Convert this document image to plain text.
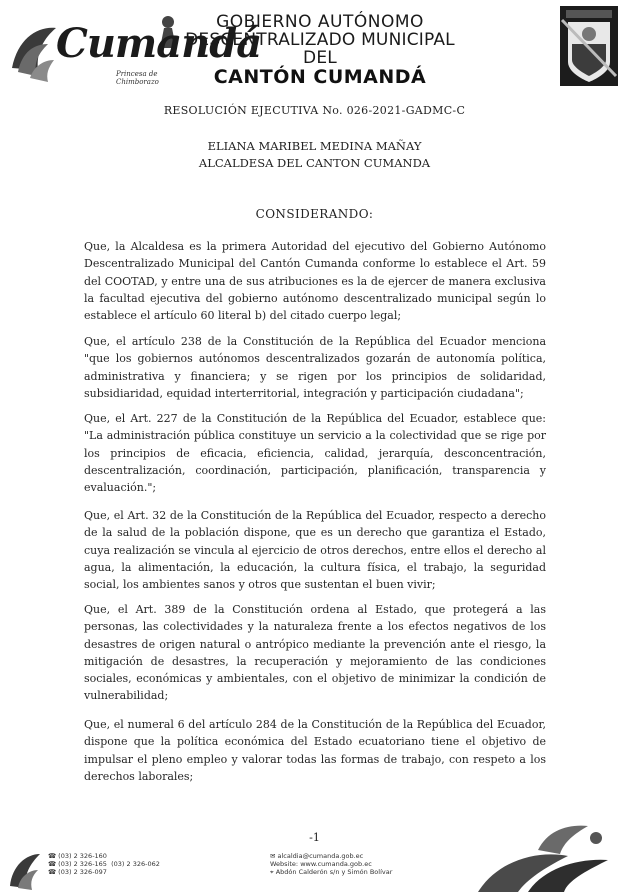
Cumandá
Princesa de Chimborazo
GOBIERNO AUTÓNOMO
DESCENTRALIZADO MUNICIPAL DEL
CANTÓN CUMANDÁ
RESOLUCIÓN EJECUTIVA No. 026-2021-GADMC-C
ELIANA MARIBEL MEDINA MAÑAY
ALCALDESA DEL CANTON CUMANDA
CONSIDERANDO:
Que, la Alcaldesa es la primera Autoridad del ejecutivo del Gobierno Autónomo Descentralizado Municipal del Cantón Cumanda conforme lo establece el Art. 59 del COOTAD, y entre una de sus atribuciones es la de ejercer de manera exclusiva la facultad ejecutiva del gobierno autónomo descentralizado municipal según lo establece el artículo 60 literal b) del citado cuerpo legal;
Que, el artículo 238 de la Constitución de la República del Ecuador menciona "que los gobiernos autónomos descentralizados gozarán de autonomía política, administrativa y financiera; y se rigen por los principios de solidaridad, subsidiaridad, equidad interterritorial, integración y participación ciudadana";
Que, el Art. 227 de la Constitución de la República del Ecuador, establece que: "La administración pública constituye un servicio a la colectividad que se rige por los principios de eficacia, eficiencia, calidad, jerarquía, desconcentración, descentralización, coordinación, participación, planificación, transparencia y evaluación.";
Que, el Art. 32 de la Constitución de la República del Ecuador, respecto a derecho de la salud de la población dispone, que es un derecho que garantiza el Estado, cuya realización se vincula al ejercicio de otros derechos, entre ellos el derecho al agua, la alimentación, la educación, la cultura física, el trabajo, la seguridad social, los ambientes sanos y otros que sustentan el buen vivir;
Que, el Art. 389 de la Constitución ordena al Estado, que protegerá a las personas, las colectividades y la naturaleza frente a los efectos negativos de los desastres de origen natural o antrópico mediante la prevención ante el riesgo, la mitigación de desastres, la recuperación y mejoramiento de las condiciones sociales, económicas y ambientales, con el objetivo de minimizar la condición de vulnerabilidad;
Que, el numeral 6 del artículo 284 de la Constitución de la República del Ecuador, dispone que la política económica del Estado ecuatoriano tiene el objetivo de impulsar el pleno empleo y valorar todas las formas de trabajo, con respeto a los derechos laborales;
-1
☎ (03) 2 326-160
☎ (03) 2 326-165 (03) 2 326-062
☎ (03) 2 326-097
✉ alcaldia@cumanda.gob.ec
Website: www.cumanda.gob.ec
⌖ Abdón Calderón s/n y Simón Bolívar
